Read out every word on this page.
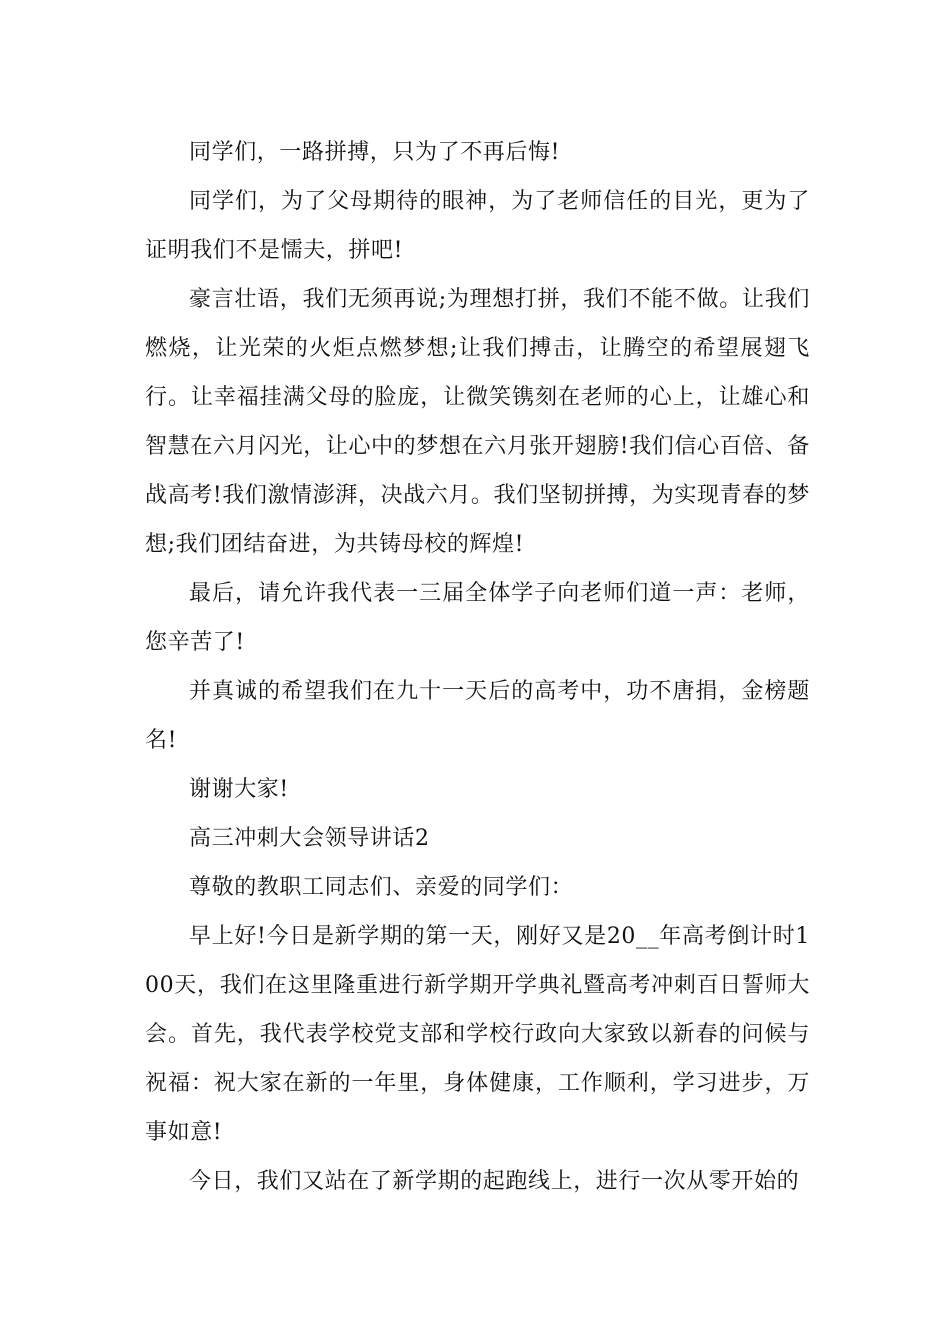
同学们，一路拼搏，只为了不再后悔!

同学们，为了父母期待的眼神，为了老师信任的目光，更为了证明我们不是懦夫，拼吧!

豪言壮语，我们无须再说;为理想打拼，我们不能不做。让我们燃烧，让光荣的火炬点燃梦想;让我们搏击，让腾空的希望展翅飞行。让幸福挂满父母的脸庞，让微笑镌刻在老师的心上，让雄心和智慧在六月闪光，让心中的梦想在六月张开翅膀!我们信心百倍、备战高考!我们激情澎湃，决战六月。我们坚韧拼搏，为实现青春的梦想;我们团结奋进，为共铸母校的辉煌!

最后，请允许我代表一三届全体学子向老师们道一声：老师，您辛苦了!

并真诚的希望我们在九十一天后的高考中，功不唐捐，金榜题名!

谢谢大家!

高三冲刺大会领导讲话2

尊敬的教职工同志们、亲爱的同学们：

早上好!今日是新学期的第一天，刚好又是20__年高考倒计时100天，我们在这里隆重进行新学期开学典礼暨高考冲刺百日誓师大会。首先，我代表学校党支部和学校行政向大家致以新春的问候与祝福：祝大家在新的一年里，身体健康，工作顺利，学习进步，万事如意!

今日，我们又站在了新学期的起跑线上，进行一次从零开始的
